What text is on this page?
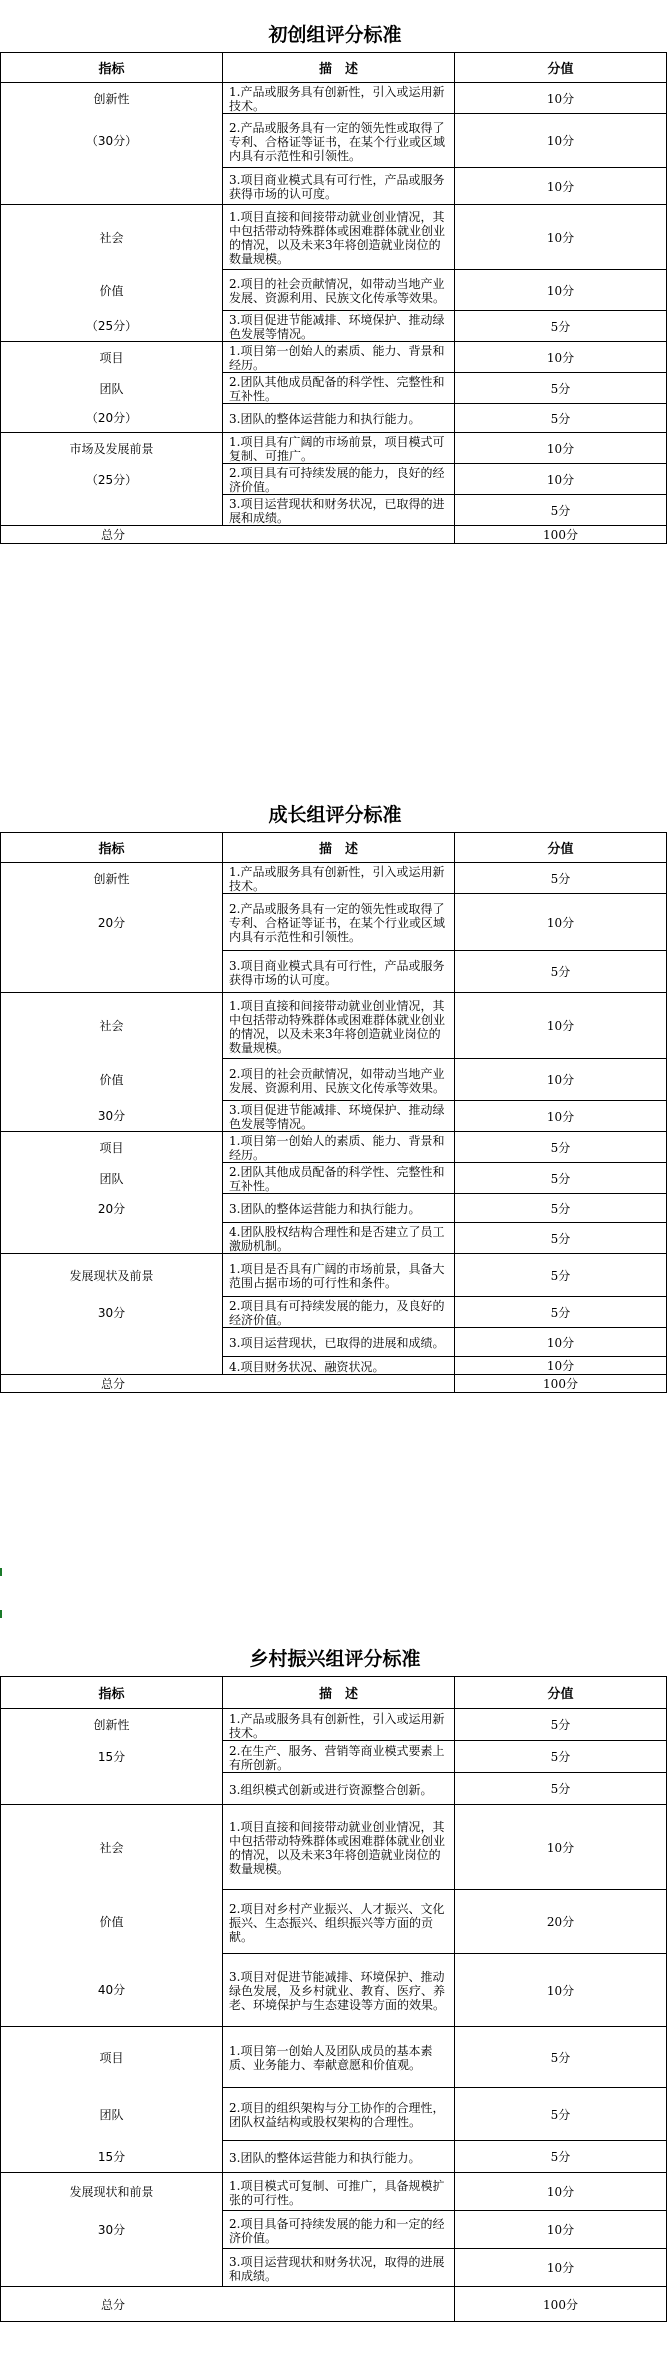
初创组评分标准
指标	描　述	分值
创新性	1.产品或服务具有创新性，引入或运用新技术。	10分
（30分）	2.产品或服务具有一定的领先性或取得了专利、合格证等证书，在某个行业或区域内具有示范性和引领性。	10分
	3.项目商业模式具有可行性，产品或服务获得市场的认可度。	10分
社会	1.项目直接和间接带动就业创业情况，其中包括带动特殊群体或困难群体就业创业的情况，以及未来3年将创造就业岗位的数量规模。	10分
价值	2.项目的社会贡献情况，如带动当地产业发展、资源利用、民族文化传承等效果。	10分
（25分）	3.项目促进节能减排、环境保护、推动绿色发展等情况。	5分
项目	1.项目第一创始人的素质、能力、背景和经历。	10分
团队	2.团队其他成员配备的科学性、完整性和互补性。	5分
（20分）	3.团队的整体运营能力和执行能力。	5分
市场及发展前景	1.项目具有广阔的市场前景，项目模式可复制、可推广。	10分
（25分）	2.项目具有可持续发展的能力，良好的经济价值。	10分
	3.项目运营现状和财务状况，已取得的进展和成绩。	5分
总分		100分
成长组评分标准
指标	描　述	分值
创新性	1.产品或服务具有创新性，引入或运用新技术。	5分
20分	2.产品或服务具有一定的领先性或取得了专利、合格证等证书，在某个行业或区域内具有示范性和引领性。	10分
	3.项目商业模式具有可行性，产品或服务获得市场的认可度。	5分
社会	1.项目直接和间接带动就业创业情况，其中包括带动特殊群体或困难群体就业创业的情况，以及未来3年将创造就业岗位的数量规模。	10分
价值	2.项目的社会贡献情况，如带动当地产业发展、资源利用、民族文化传承等效果。	10分
30分	3.项目促进节能减排、环境保护、推动绿色发展等情况。	10分
项目	1.项目第一创始人的素质、能力、背景和经历。	5分
团队	2.团队其他成员配备的科学性、完整性和互补性。	5分
20分	3.团队的整体运营能力和执行能力。	5分
	4.团队股权结构合理性和是否建立了员工激励机制。	5分
发展现状及前景	1.项目是否具有广阔的市场前景，具备大范围占据市场的可行性和条件。	5分
30分	2.项目具有可持续发展的能力，及良好的经济价值。	5分
	3.项目运营现状，已取得的进展和成绩。	10分
	4.项目财务状况、融资状况。	10分
总分		100分
乡村振兴组评分标准
指标	描　述	分值
创新性	1.产品或服务具有创新性，引入或运用新技术。	5分
15分	2.在生产、服务、营销等商业模式要素上有所创新。	5分
	3.组织模式创新或进行资源整合创新。	5分
社会	1.项目直接和间接带动就业创业情况，其中包括带动特殊群体或困难群体就业创业的情况，以及未来3年将创造就业岗位的数量规模。	10分
价值	2.项目对乡村产业振兴、人才振兴、文化振兴、生态振兴、组织振兴等方面的贡献。	20分
40分	3.项目对促进节能减排、环境保护、推动绿色发展，及乡村就业、教育、医疗、养老、环境保护与生态建设等方面的效果。	10分
项目	1.项目第一创始人及团队成员的基本素质、业务能力、奉献意愿和价值观。	5分
团队	2.项目的组织架构与分工协作的合理性，团队权益结构或股权架构的合理性。	5分
15分	3.团队的整体运营能力和执行能力。	5分
发展现状和前景	1.项目模式可复制、可推广，具备规模扩张的可行性。	10分
30分	2.项目具备可持续发展的能力和一定的经济价值。	10分
	3.项目运营现状和财务状况，取得的进展和成绩。	10分
总分		100分
